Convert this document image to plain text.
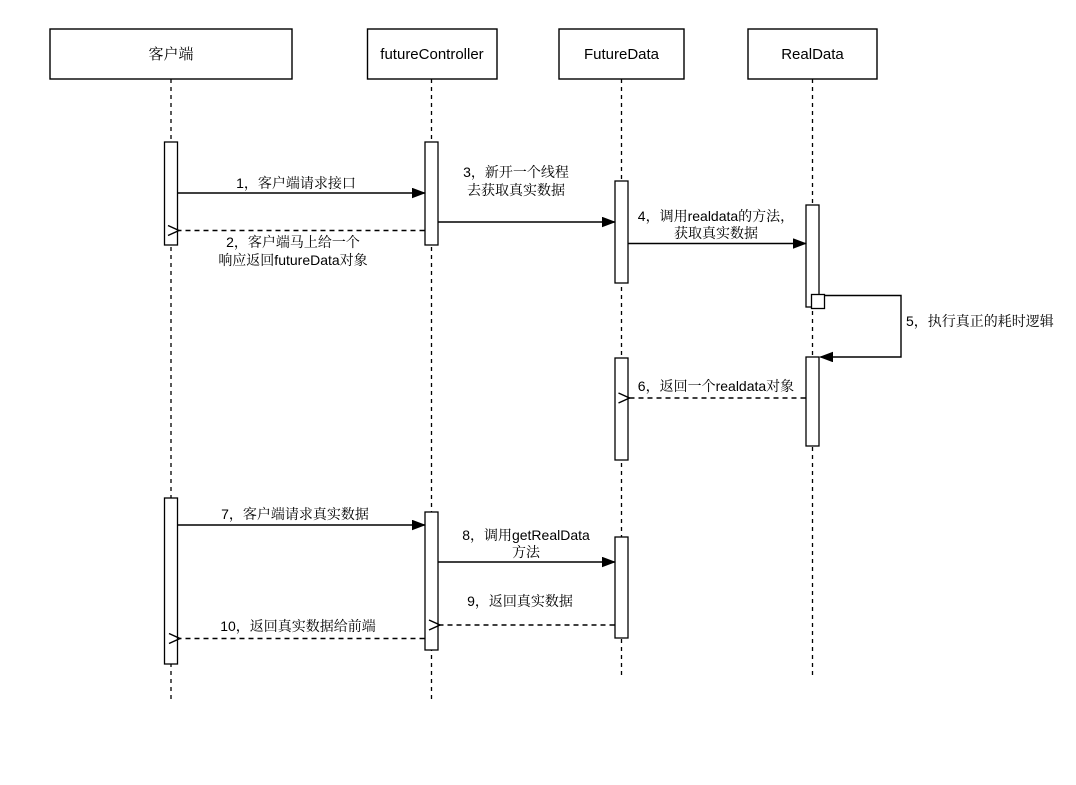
客户端	futureController	FutureData	RealData
1，客户端请求接口
2，客户端马上给一个
响应返回futureData对象
3，新开一个线程
去获取真实数据
4，调用realdata的方法，
获取真实数据
5，执行真正的耗时逻辑
6，返回一个realdata对象
7，客户端请求真实数据
8，调用getRealData
方法
9，返回真实数据
10，返回真实数据给前端
